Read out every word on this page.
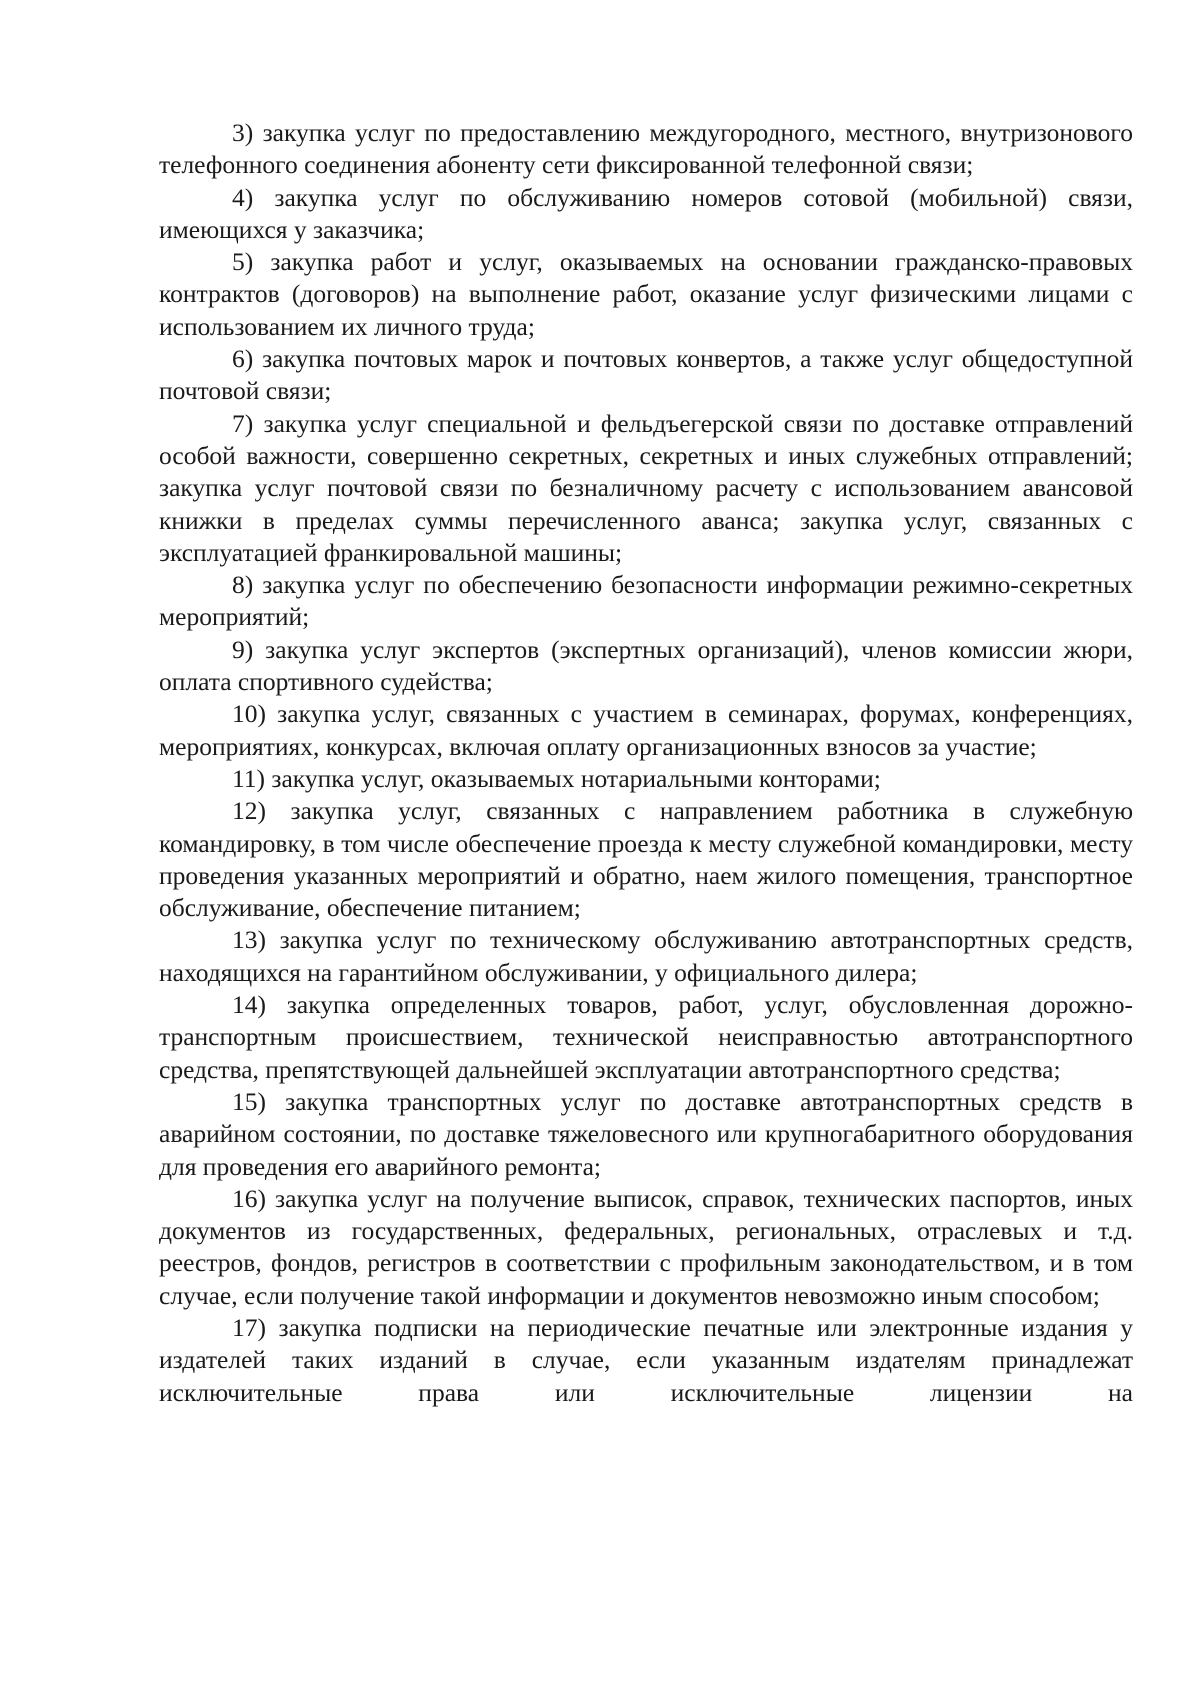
3) закупка услуг по предоставлению междугородного, местного, внутризонового телефонного соединения абоненту сети фиксированной телефонной связи;

4) закупка услуг по обслуживанию номеров сотовой (мобильной) связи, имеющихся у заказчика;

5) закупка работ и услуг, оказываемых на основании гражданско-правовых контрактов (договоров) на выполнение работ, оказание услуг физическими лицами с использованием их личного труда;

6) закупка почтовых марок и почтовых конвертов, а также услуг общедоступной почтовой связи;

7) закупка услуг специальной и фельдъегерской связи по доставке отправлений особой важности, совершенно секретных, секретных и иных служебных отправлений; закупка услуг почтовой связи по безналичному расчету с использованием авансовой книжки в пределах суммы перечисленного аванса; закупка услуг, связанных с эксплуатацией франкировальной машины;

8) закупка услуг по обеспечению безопасности информации режимно-секретных мероприятий;

9) закупка услуг экспертов (экспертных организаций), членов комиссии жюри, оплата спортивного судейства;

10) закупка услуг, связанных с участием в семинарах, форумах, конференциях, мероприятиях, конкурсах, включая оплату организационных взносов за участие;

11) закупка услуг, оказываемых нотариальными конторами;

12) закупка услуг, связанных с направлением работника в служебную командировку, в том числе обеспечение проезда к месту служебной командировки, месту проведения указанных мероприятий и обратно, наем жилого помещения, транспортное обслуживание, обеспечение питанием;

13) закупка услуг по техническому обслуживанию автотранспортных средств, находящихся на гарантийном обслуживании, у официального дилера;

14) закупка определенных товаров, работ, услуг, обусловленная дорожно-транспортным происшествием, технической неисправностью автотранспортного средства, препятствующей дальнейшей эксплуатации автотранспортного средства;

15) закупка транспортных услуг по доставке автотранспортных средств в аварийном состоянии, по доставке тяжеловесного или крупногабаритного оборудования для проведения его аварийного ремонта;

16) закупка услуг на получение выписок, справок, технических паспортов, иных документов из государственных, федеральных, региональных, отраслевых и т.д. реестров, фондов, регистров в соответствии с профильным законодательством, и в том случае, если получение такой информации и документов невозможно иным способом;

17) закупка подписки на периодические печатные или электронные издания у издателей таких изданий в случае, если указанным издателям принадлежат исключительные права или исключительные лицензии на
